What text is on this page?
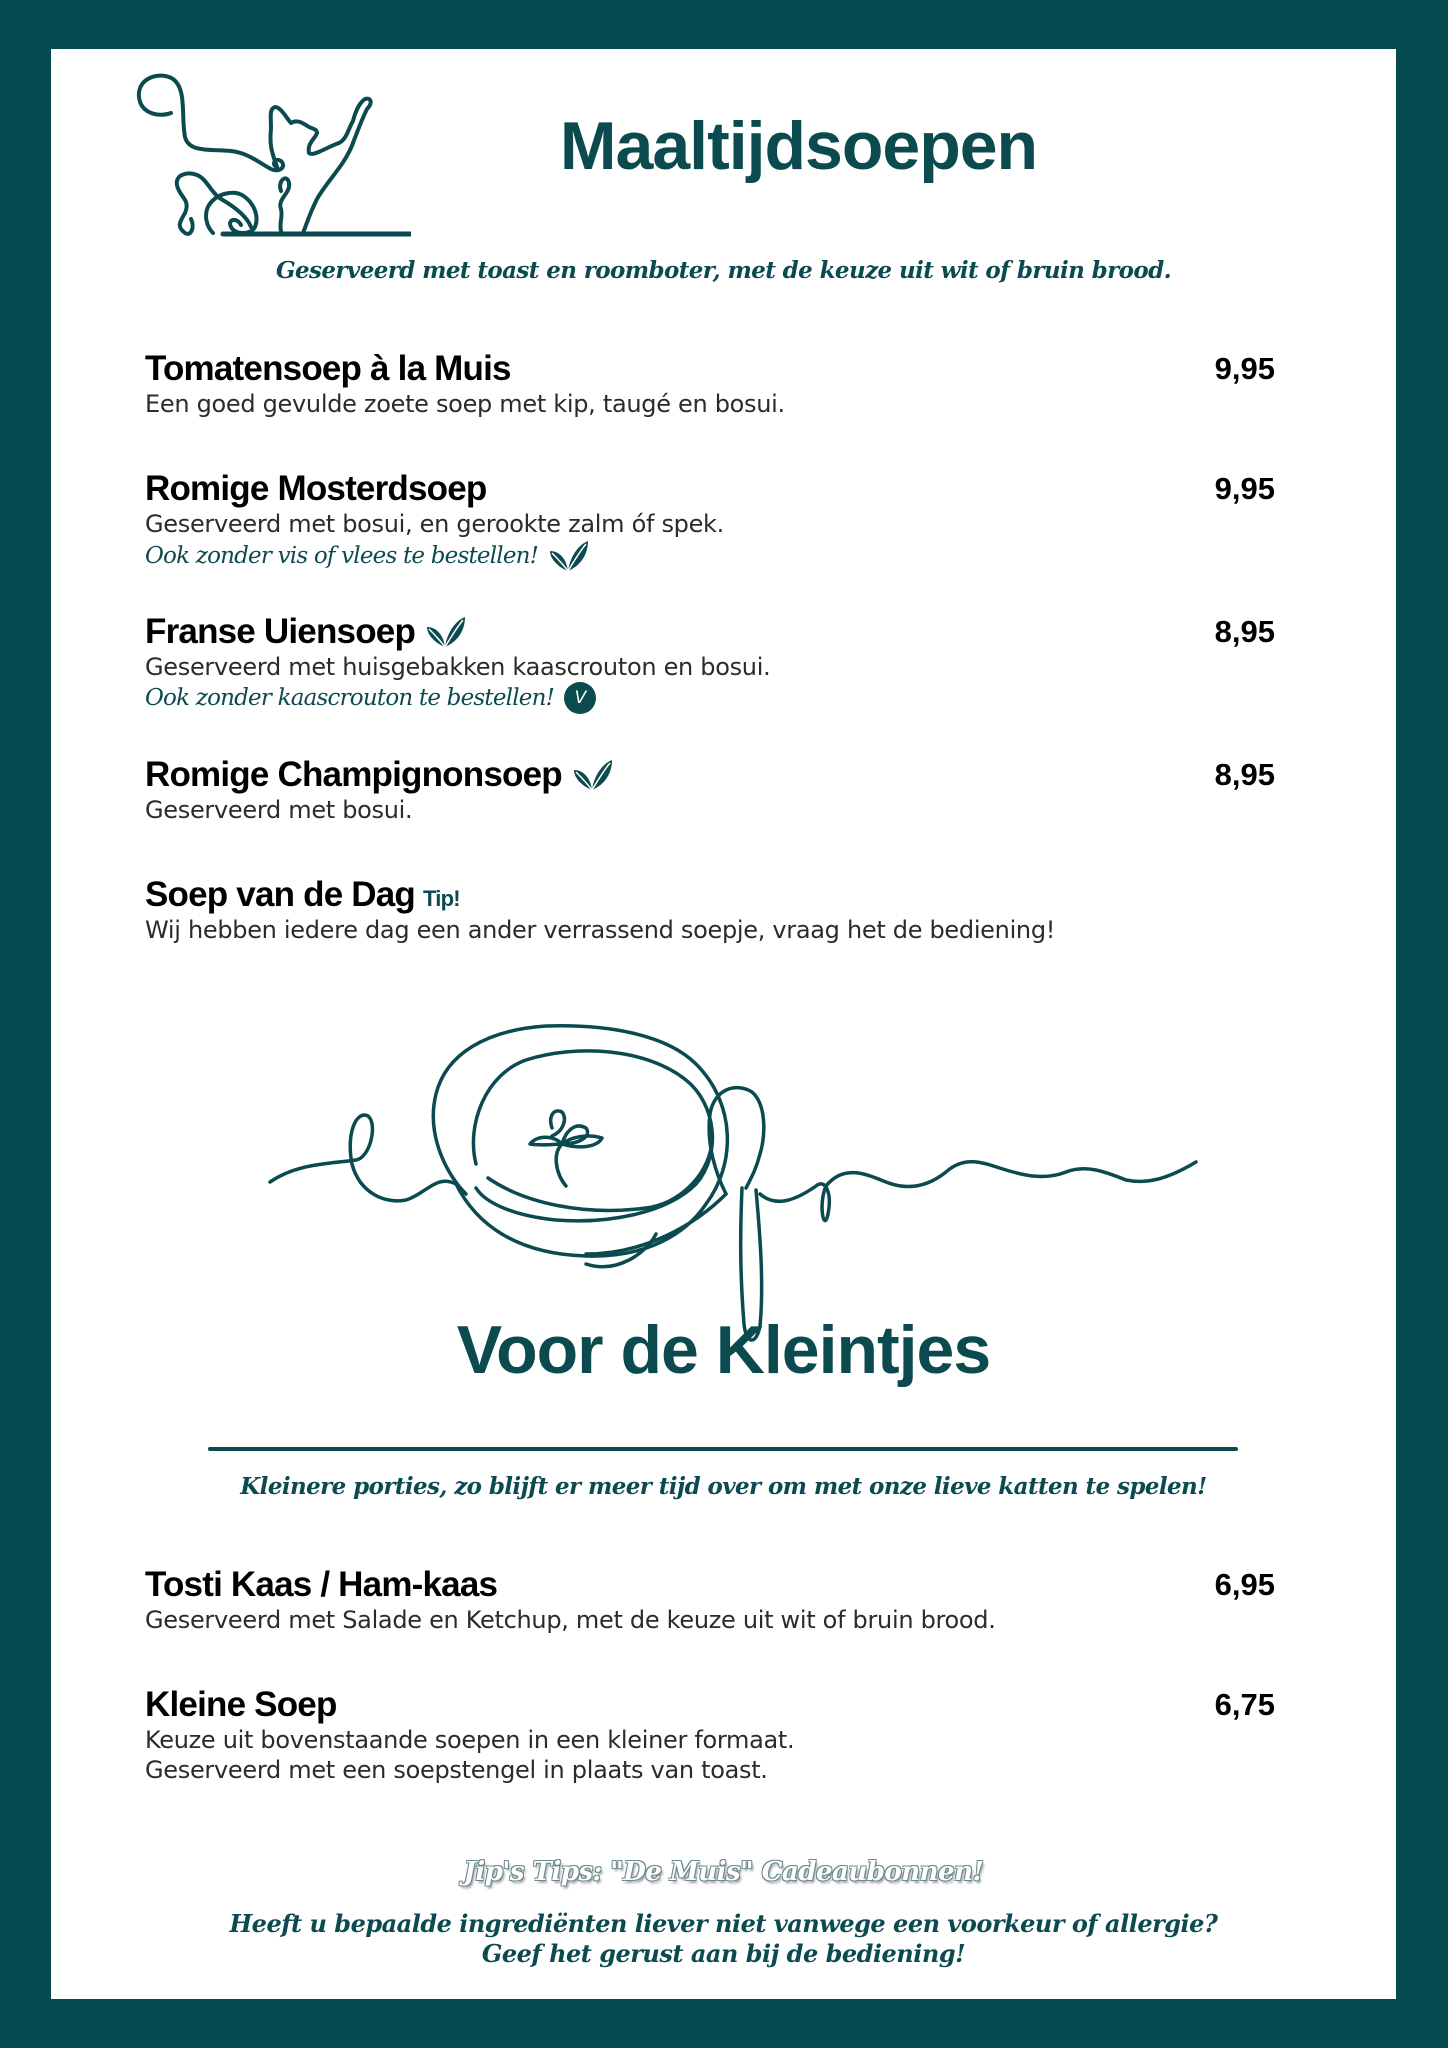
Maaltijdsoepen
Geserveerd met toast en roomboter, met de keuze uit wit of bruin brood.
Tomatensoep à la Muis	9,95
Een goed gevulde zoete soep met kip, taugé en bosui.
Romige Mosterdsoep	9,95
Geserveerd met bosui, en gerookte zalm óf spek.
Ook zonder vis of vlees te bestellen!
Franse Uiensoep	8,95
Geserveerd met huisgebakken kaascrouton en bosui.
Ook zonder kaascrouton te bestellen!	V
Romige Champignonsoep	8,95
Geserveerd met bosui.
Soep van de Dag Tip!
Wij hebben iedere dag een ander verrassend soepje, vraag het de bediening!
Voor de Kleintjes
Kleinere porties, zo blijft er meer tijd over om met onze lieve katten te spelen!
Tosti Kaas / Ham-kaas	6,95
Geserveerd met Salade en Ketchup, met de keuze uit wit of bruin brood.
Kleine Soep	6,75
Keuze uit bovenstaande soepen in een kleiner formaat.
Geserveerd met een soepstengel in plaats van toast.
Jip's Tips: "De Muis" Cadeaubonnen!
Heeft u bepaalde ingrediënten liever niet vanwege een voorkeur of allergie?
Geef het gerust aan bij de bediening!
